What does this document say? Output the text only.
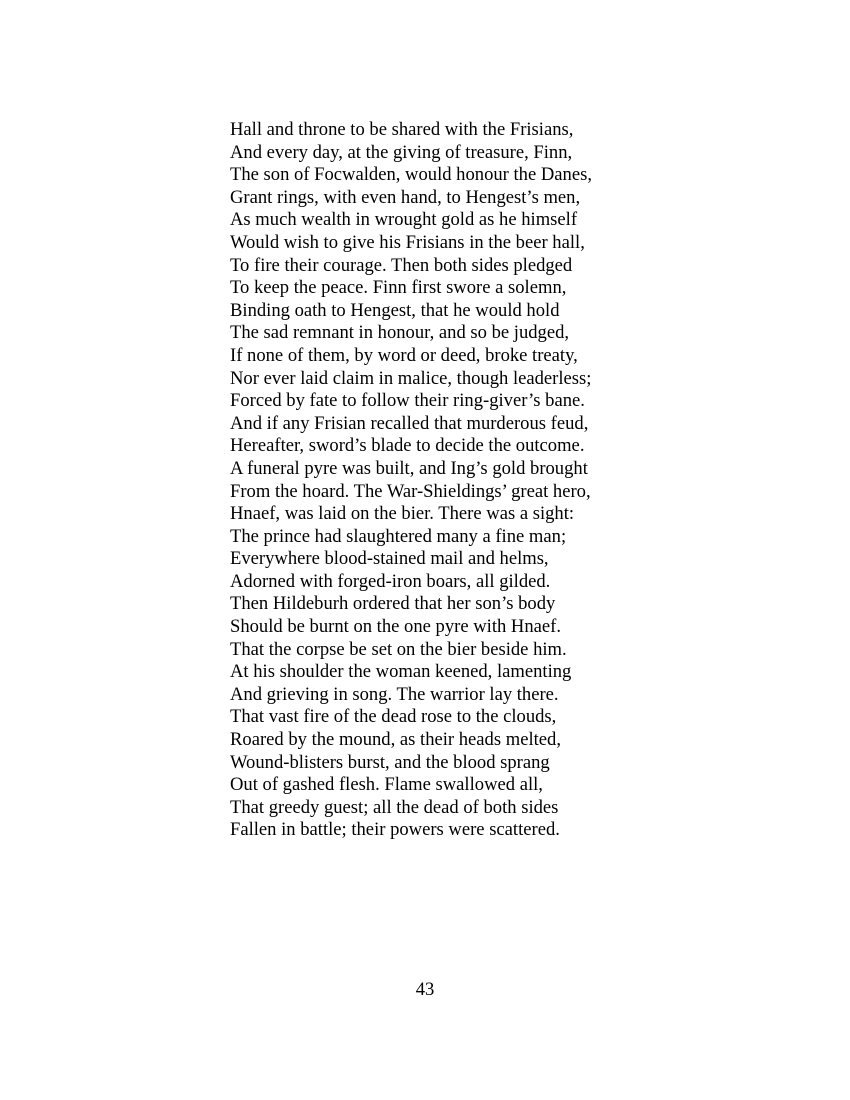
Hall and throne to be shared with the Frisians,
And every day, at the giving of treasure, Finn,
The son of Focwalden, would honour the Danes,
Grant rings, with even hand, to Hengest’s men,
As much wealth in wrought gold as he himself
Would wish to give his Frisians in the beer hall,
To fire their courage. Then both sides pledged
To keep the peace. Finn first swore a solemn,
Binding oath to Hengest, that he would hold
The sad remnant in honour, and so be judged,
If none of them, by word or deed, broke treaty,
Nor ever laid claim in malice, though leaderless;
Forced by fate to follow their ring-giver’s bane.
And if any Frisian recalled that murderous feud,
Hereafter, sword’s blade to decide the outcome.
A funeral pyre was built, and Ing’s gold brought
From the hoard. The War-Shieldings’ great hero,
Hnaef, was laid on the bier. There was a sight:
The prince had slaughtered many a fine man;
Everywhere blood-stained mail and helms,
Adorned with forged-iron boars, all gilded.
Then Hildeburh ordered that her son’s body
Should be burnt on the one pyre with Hnaef.
That the corpse be set on the bier beside him.
At his shoulder the woman keened, lamenting
And grieving in song. The warrior lay there.
That vast fire of the dead rose to the clouds,
Roared by the mound, as their heads melted,
Wound-blisters burst, and the blood sprang
Out of gashed flesh. Flame swallowed all,
That greedy guest; all the dead of both sides
Fallen in battle; their powers were scattered.
43
